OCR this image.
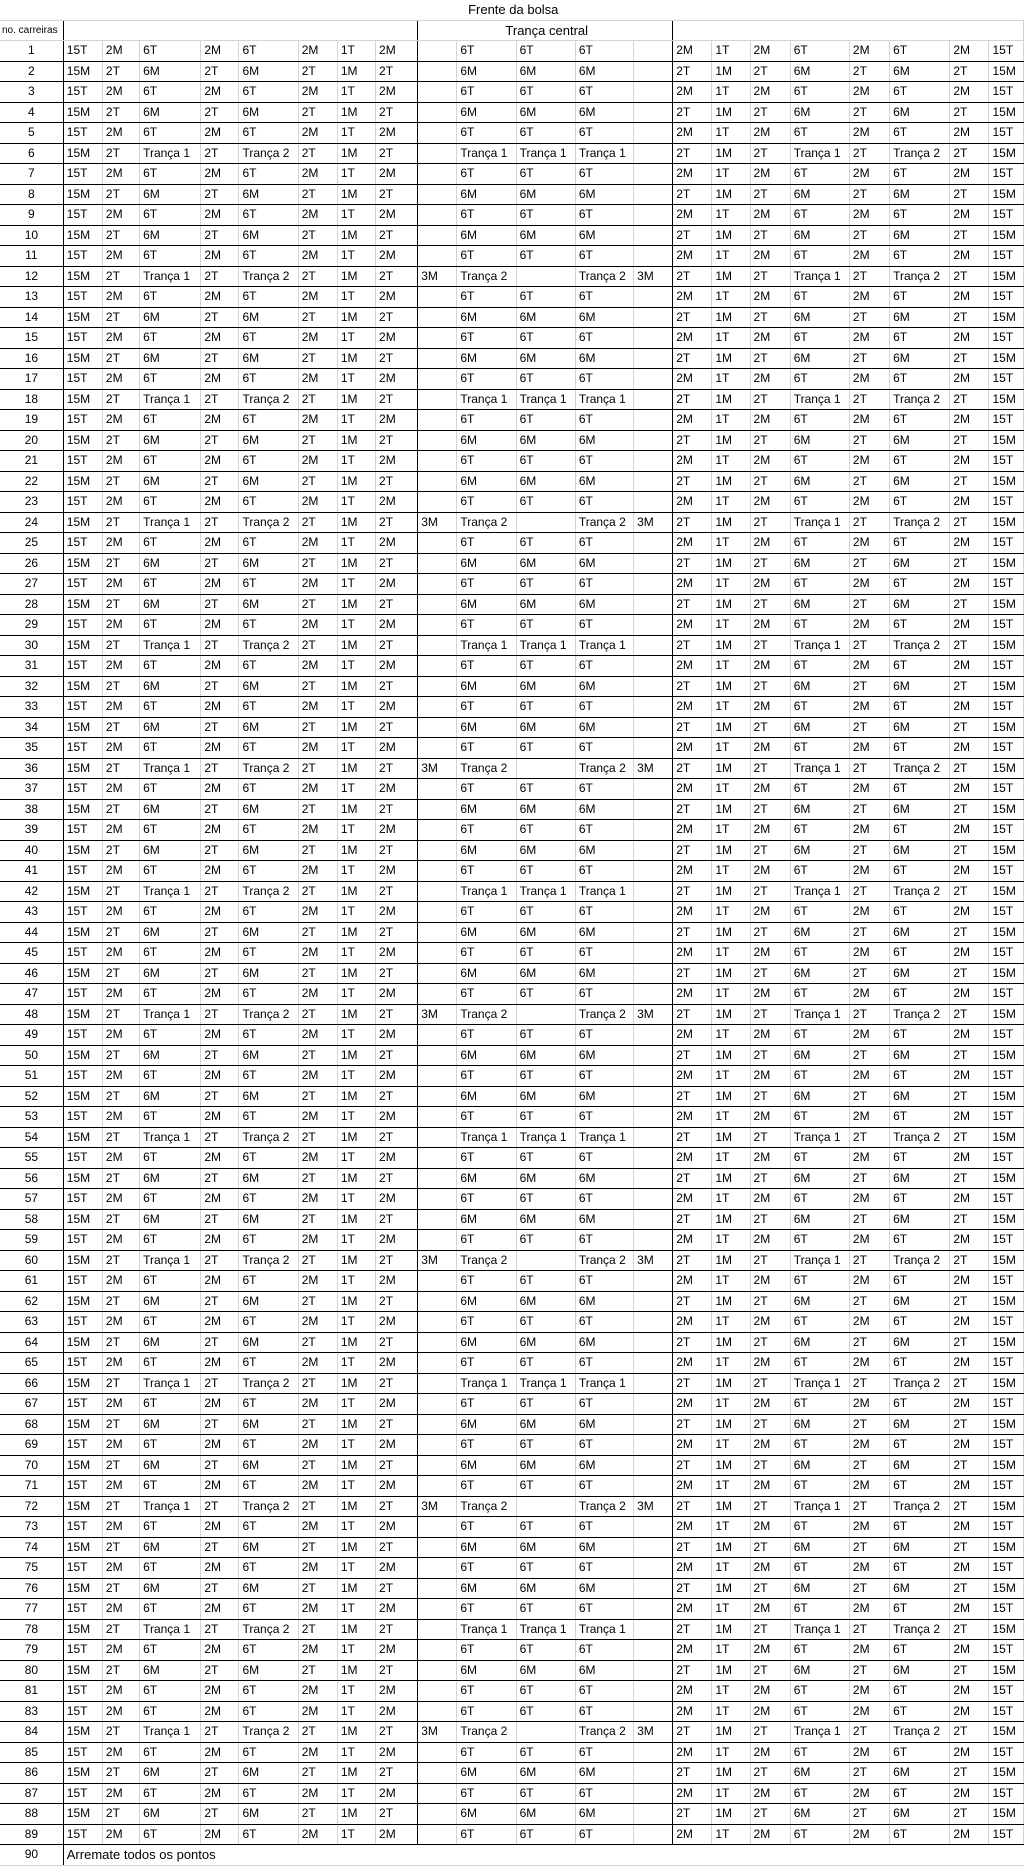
Frente da bolsa																					
no. carreiras									Trança central												
1	15T	2M	6T	2M	6T	2M	1T	2M		6T	6T	6T		2M	1T	2M	6T	2M	6T	2M	15T
2	15M	2T	6M	2T	6M	2T	1M	2T		6M	6M	6M		2T	1M	2T	6M	2T	6M	2T	15M
3	15T	2M	6T	2M	6T	2M	1T	2M		6T	6T	6T		2M	1T	2M	6T	2M	6T	2M	15T
4	15M	2T	6M	2T	6M	2T	1M	2T		6M	6M	6M		2T	1M	2T	6M	2T	6M	2T	15M
5	15T	2M	6T	2M	6T	2M	1T	2M		6T	6T	6T		2M	1T	2M	6T	2M	6T	2M	15T
6	15M	2T	Trança 1	2T	Trança 2	2T	1M	2T		Trança 1	Trança 1	Trança 1		2T	1M	2T	Trança 1	2T	Trança 2	2T	15M
7	15T	2M	6T	2M	6T	2M	1T	2M		6T	6T	6T		2M	1T	2M	6T	2M	6T	2M	15T
8	15M	2T	6M	2T	6M	2T	1M	2T		6M	6M	6M		2T	1M	2T	6M	2T	6M	2T	15M
9	15T	2M	6T	2M	6T	2M	1T	2M		6T	6T	6T		2M	1T	2M	6T	2M	6T	2M	15T
10	15M	2T	6M	2T	6M	2T	1M	2T		6M	6M	6M		2T	1M	2T	6M	2T	6M	2T	15M
11	15T	2M	6T	2M	6T	2M	1T	2M		6T	6T	6T		2M	1T	2M	6T	2M	6T	2M	15T
12	15M	2T	Trança 1	2T	Trança 2	2T	1M	2T	3M	Trança 2		Trança 2	3M	2T	1M	2T	Trança 1	2T	Trança 2	2T	15M
13	15T	2M	6T	2M	6T	2M	1T	2M		6T	6T	6T		2M	1T	2M	6T	2M	6T	2M	15T
14	15M	2T	6M	2T	6M	2T	1M	2T		6M	6M	6M		2T	1M	2T	6M	2T	6M	2T	15M
15	15T	2M	6T	2M	6T	2M	1T	2M		6T	6T	6T		2M	1T	2M	6T	2M	6T	2M	15T
16	15M	2T	6M	2T	6M	2T	1M	2T		6M	6M	6M		2T	1M	2T	6M	2T	6M	2T	15M
17	15T	2M	6T	2M	6T	2M	1T	2M		6T	6T	6T		2M	1T	2M	6T	2M	6T	2M	15T
18	15M	2T	Trança 1	2T	Trança 2	2T	1M	2T		Trança 1	Trança 1	Trança 1		2T	1M	2T	Trança 1	2T	Trança 2	2T	15M
19	15T	2M	6T	2M	6T	2M	1T	2M		6T	6T	6T		2M	1T	2M	6T	2M	6T	2M	15T
20	15M	2T	6M	2T	6M	2T	1M	2T		6M	6M	6M		2T	1M	2T	6M	2T	6M	2T	15M
21	15T	2M	6T	2M	6T	2M	1T	2M		6T	6T	6T		2M	1T	2M	6T	2M	6T	2M	15T
22	15M	2T	6M	2T	6M	2T	1M	2T		6M	6M	6M		2T	1M	2T	6M	2T	6M	2T	15M
23	15T	2M	6T	2M	6T	2M	1T	2M		6T	6T	6T		2M	1T	2M	6T	2M	6T	2M	15T
24	15M	2T	Trança 1	2T	Trança 2	2T	1M	2T	3M	Trança 2		Trança 2	3M	2T	1M	2T	Trança 1	2T	Trança 2	2T	15M
25	15T	2M	6T	2M	6T	2M	1T	2M		6T	6T	6T		2M	1T	2M	6T	2M	6T	2M	15T
26	15M	2T	6M	2T	6M	2T	1M	2T		6M	6M	6M		2T	1M	2T	6M	2T	6M	2T	15M
27	15T	2M	6T	2M	6T	2M	1T	2M		6T	6T	6T		2M	1T	2M	6T	2M	6T	2M	15T
28	15M	2T	6M	2T	6M	2T	1M	2T		6M	6M	6M		2T	1M	2T	6M	2T	6M	2T	15M
29	15T	2M	6T	2M	6T	2M	1T	2M		6T	6T	6T		2M	1T	2M	6T	2M	6T	2M	15T
30	15M	2T	Trança 1	2T	Trança 2	2T	1M	2T		Trança 1	Trança 1	Trança 1		2T	1M	2T	Trança 1	2T	Trança 2	2T	15M
31	15T	2M	6T	2M	6T	2M	1T	2M		6T	6T	6T		2M	1T	2M	6T	2M	6T	2M	15T
32	15M	2T	6M	2T	6M	2T	1M	2T		6M	6M	6M		2T	1M	2T	6M	2T	6M	2T	15M
33	15T	2M	6T	2M	6T	2M	1T	2M		6T	6T	6T		2M	1T	2M	6T	2M	6T	2M	15T
34	15M	2T	6M	2T	6M	2T	1M	2T		6M	6M	6M		2T	1M	2T	6M	2T	6M	2T	15M
35	15T	2M	6T	2M	6T	2M	1T	2M		6T	6T	6T		2M	1T	2M	6T	2M	6T	2M	15T
36	15M	2T	Trança 1	2T	Trança 2	2T	1M	2T	3M	Trança 2		Trança 2	3M	2T	1M	2T	Trança 1	2T	Trança 2	2T	15M
37	15T	2M	6T	2M	6T	2M	1T	2M		6T	6T	6T		2M	1T	2M	6T	2M	6T	2M	15T
38	15M	2T	6M	2T	6M	2T	1M	2T		6M	6M	6M		2T	1M	2T	6M	2T	6M	2T	15M
39	15T	2M	6T	2M	6T	2M	1T	2M		6T	6T	6T		2M	1T	2M	6T	2M	6T	2M	15T
40	15M	2T	6M	2T	6M	2T	1M	2T		6M	6M	6M		2T	1M	2T	6M	2T	6M	2T	15M
41	15T	2M	6T	2M	6T	2M	1T	2M		6T	6T	6T		2M	1T	2M	6T	2M	6T	2M	15T
42	15M	2T	Trança 1	2T	Trança 2	2T	1M	2T		Trança 1	Trança 1	Trança 1		2T	1M	2T	Trança 1	2T	Trança 2	2T	15M
43	15T	2M	6T	2M	6T	2M	1T	2M		6T	6T	6T		2M	1T	2M	6T	2M	6T	2M	15T
44	15M	2T	6M	2T	6M	2T	1M	2T		6M	6M	6M		2T	1M	2T	6M	2T	6M	2T	15M
45	15T	2M	6T	2M	6T	2M	1T	2M		6T	6T	6T		2M	1T	2M	6T	2M	6T	2M	15T
46	15M	2T	6M	2T	6M	2T	1M	2T		6M	6M	6M		2T	1M	2T	6M	2T	6M	2T	15M
47	15T	2M	6T	2M	6T	2M	1T	2M		6T	6T	6T		2M	1T	2M	6T	2M	6T	2M	15T
48	15M	2T	Trança 1	2T	Trança 2	2T	1M	2T	3M	Trança 2		Trança 2	3M	2T	1M	2T	Trança 1	2T	Trança 2	2T	15M
49	15T	2M	6T	2M	6T	2M	1T	2M		6T	6T	6T		2M	1T	2M	6T	2M	6T	2M	15T
50	15M	2T	6M	2T	6M	2T	1M	2T		6M	6M	6M		2T	1M	2T	6M	2T	6M	2T	15M
51	15T	2M	6T	2M	6T	2M	1T	2M		6T	6T	6T		2M	1T	2M	6T	2M	6T	2M	15T
52	15M	2T	6M	2T	6M	2T	1M	2T		6M	6M	6M		2T	1M	2T	6M	2T	6M	2T	15M
53	15T	2M	6T	2M	6T	2M	1T	2M		6T	6T	6T		2M	1T	2M	6T	2M	6T	2M	15T
54	15M	2T	Trança 1	2T	Trança 2	2T	1M	2T		Trança 1	Trança 1	Trança 1		2T	1M	2T	Trança 1	2T	Trança 2	2T	15M
55	15T	2M	6T	2M	6T	2M	1T	2M		6T	6T	6T		2M	1T	2M	6T	2M	6T	2M	15T
56	15M	2T	6M	2T	6M	2T	1M	2T		6M	6M	6M		2T	1M	2T	6M	2T	6M	2T	15M
57	15T	2M	6T	2M	6T	2M	1T	2M		6T	6T	6T		2M	1T	2M	6T	2M	6T	2M	15T
58	15M	2T	6M	2T	6M	2T	1M	2T		6M	6M	6M		2T	1M	2T	6M	2T	6M	2T	15M
59	15T	2M	6T	2M	6T	2M	1T	2M		6T	6T	6T		2M	1T	2M	6T	2M	6T	2M	15T
60	15M	2T	Trança 1	2T	Trança 2	2T	1M	2T	3M	Trança 2		Trança 2	3M	2T	1M	2T	Trança 1	2T	Trança 2	2T	15M
61	15T	2M	6T	2M	6T	2M	1T	2M		6T	6T	6T		2M	1T	2M	6T	2M	6T	2M	15T
62	15M	2T	6M	2T	6M	2T	1M	2T		6M	6M	6M		2T	1M	2T	6M	2T	6M	2T	15M
63	15T	2M	6T	2M	6T	2M	1T	2M		6T	6T	6T		2M	1T	2M	6T	2M	6T	2M	15T
64	15M	2T	6M	2T	6M	2T	1M	2T		6M	6M	6M		2T	1M	2T	6M	2T	6M	2T	15M
65	15T	2M	6T	2M	6T	2M	1T	2M		6T	6T	6T		2M	1T	2M	6T	2M	6T	2M	15T
66	15M	2T	Trança 1	2T	Trança 2	2T	1M	2T		Trança 1	Trança 1	Trança 1		2T	1M	2T	Trança 1	2T	Trança 2	2T	15M
67	15T	2M	6T	2M	6T	2M	1T	2M		6T	6T	6T		2M	1T	2M	6T	2M	6T	2M	15T
68	15M	2T	6M	2T	6M	2T	1M	2T		6M	6M	6M		2T	1M	2T	6M	2T	6M	2T	15M
69	15T	2M	6T	2M	6T	2M	1T	2M		6T	6T	6T		2M	1T	2M	6T	2M	6T	2M	15T
70	15M	2T	6M	2T	6M	2T	1M	2T		6M	6M	6M		2T	1M	2T	6M	2T	6M	2T	15M
71	15T	2M	6T	2M	6T	2M	1T	2M		6T	6T	6T		2M	1T	2M	6T	2M	6T	2M	15T
72	15M	2T	Trança 1	2T	Trança 2	2T	1M	2T	3M	Trança 2		Trança 2	3M	2T	1M	2T	Trança 1	2T	Trança 2	2T	15M
73	15T	2M	6T	2M	6T	2M	1T	2M		6T	6T	6T		2M	1T	2M	6T	2M	6T	2M	15T
74	15M	2T	6M	2T	6M	2T	1M	2T		6M	6M	6M		2T	1M	2T	6M	2T	6M	2T	15M
75	15T	2M	6T	2M	6T	2M	1T	2M		6T	6T	6T		2M	1T	2M	6T	2M	6T	2M	15T
76	15M	2T	6M	2T	6M	2T	1M	2T		6M	6M	6M		2T	1M	2T	6M	2T	6M	2T	15M
77	15T	2M	6T	2M	6T	2M	1T	2M		6T	6T	6T		2M	1T	2M	6T	2M	6T	2M	15T
78	15M	2T	Trança 1	2T	Trança 2	2T	1M	2T		Trança 1	Trança 1	Trança 1		2T	1M	2T	Trança 1	2T	Trança 2	2T	15M
79	15T	2M	6T	2M	6T	2M	1T	2M		6T	6T	6T		2M	1T	2M	6T	2M	6T	2M	15T
80	15M	2T	6M	2T	6M	2T	1M	2T		6M	6M	6M		2T	1M	2T	6M	2T	6M	2T	15M
81	15T	2M	6T	2M	6T	2M	1T	2M		6T	6T	6T		2M	1T	2M	6T	2M	6T	2M	15T
83	15T	2M	6T	2M	6T	2M	1T	2M		6T	6T	6T		2M	1T	2M	6T	2M	6T	2M	15T
84	15M	2T	Trança 1	2T	Trança 2	2T	1M	2T	3M	Trança 2		Trança 2	3M	2T	1M	2T	Trança 1	2T	Trança 2	2T	15M
85	15T	2M	6T	2M	6T	2M	1T	2M		6T	6T	6T		2M	1T	2M	6T	2M	6T	2M	15T
86	15M	2T	6M	2T	6M	2T	1M	2T		6M	6M	6M		2T	1M	2T	6M	2T	6M	2T	15M
87	15T	2M	6T	2M	6T	2M	1T	2M		6T	6T	6T		2M	1T	2M	6T	2M	6T	2M	15T
88	15M	2T	6M	2T	6M	2T	1M	2T		6M	6M	6M		2T	1M	2T	6M	2T	6M	2T	15M
89	15T	2M	6T	2M	6T	2M	1T	2M		6T	6T	6T		2M	1T	2M	6T	2M	6T	2M	15T
90	Arremate todos os pontos																				
